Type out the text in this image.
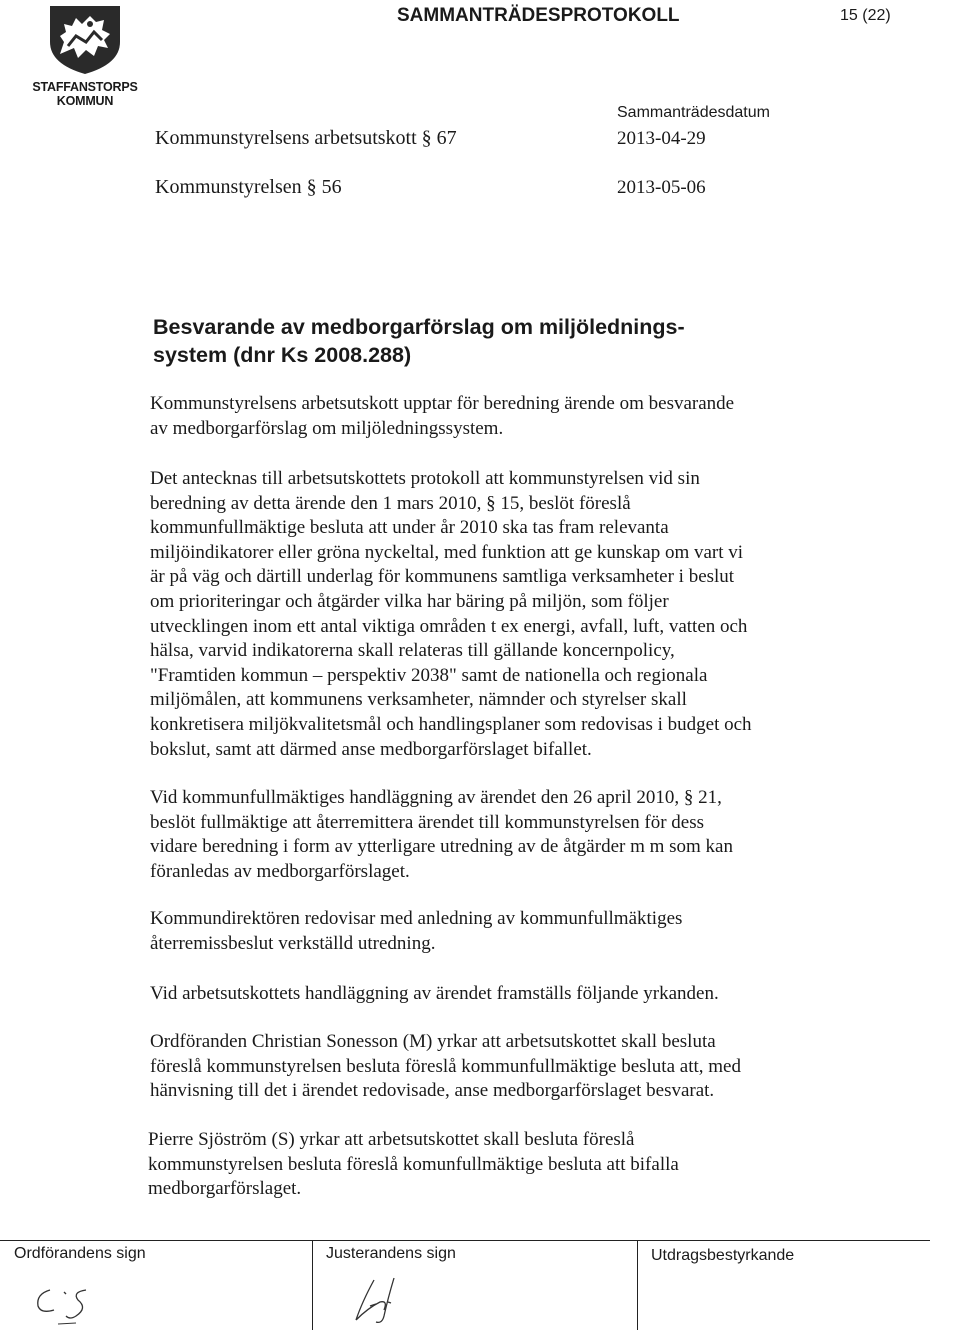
STAFFANSTORPS
KOMMUN
SAMMANTRÄDESPROTOKOLL	15 (22)
Sammanträdesdatum
Kommunstyrelsens arbetsutskott § 67	2013-04-29
Kommunstyrelsen § 56	2013-05-06
Besvarande av medborgarförslag om miljölednings-
system (dnr Ks 2008.288)
Kommunstyrelsens arbetsutskott upptar för beredning ärende om besvarande
av medborgarförslag om miljöledningssystem.
Det antecknas till arbetsutskottets protokoll att kommunstyrelsen vid sin
beredning av detta ärende den 1 mars 2010, § 15, beslöt föreslå
kommunfullmäktige besluta att under år 2010 ska tas fram relevanta
miljöindikatorer eller gröna nyckeltal, med funktion att ge kunskap om vart vi
är på väg och därtill underlag för kommunens samtliga verksamheter i beslut
om prioriteringar och åtgärder vilka har bäring på miljön, som följer
utvecklingen inom ett antal viktiga områden t ex energi, avfall, luft, vatten och
hälsa, varvid indikatorerna skall relateras till gällande koncernpolicy,
"Framtiden kommun – perspektiv 2038" samt de nationella och regionala
miljömålen, att kommunens verksamheter, nämnder och styrelser skall
konkretisera miljökvalitetsmål och handlingsplaner som redovisas i budget och
bokslut, samt att därmed anse medborgarförslaget bifallet.
Vid kommunfullmäktiges handläggning av ärendet den 26 april 2010, § 21,
beslöt fullmäktige att återremittera ärendet till kommunstyrelsen för dess
vidare beredning i form av ytterligare utredning av de åtgärder m m som kan
föranledas av medborgarförslaget.
Kommundirektören redovisar med anledning av kommunfullmäktiges
återremissbeslut verkställd utredning.
Vid arbetsutskottets handläggning av ärendet framställs följande yrkanden.
Ordföranden Christian Sonesson (M) yrkar att arbetsutskottet skall besluta
föreslå kommunstyrelsen besluta föreslå kommunfullmäktige besluta att, med
hänvisning till det i ärendet redovisade, anse medborgarförslaget besvarat.
Pierre Sjöström (S) yrkar att arbetsutskottet skall besluta föreslå
kommunstyrelsen besluta föreslå komunfullmäktige besluta att bifalla
medborgarförslaget.
Ordförandens sign	Justerandens sign	Utdragsbestyrkande
